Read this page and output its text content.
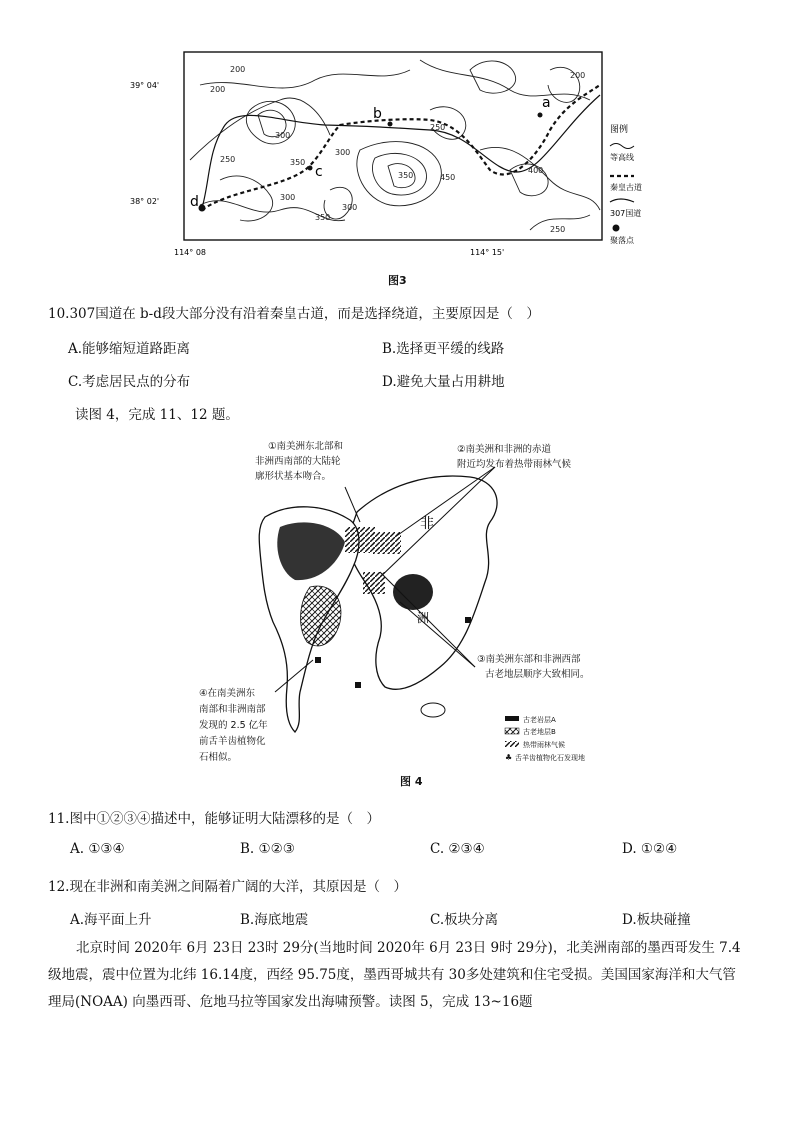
a
b
c
d
200
200
200
250
250
250
300
300
300
300
350
350
350
400
450
39° 04'
38° 02'
114° 08	114° 15'
图例
等高线
秦皇古道
307国道
聚落点
图3
10.307国道在 b-d段大部分没有沿着秦皇古道，而是选择绕道，主要原因是（　）
A.能够缩短道路距离	B.选择更平缓的线路
C.考虑居民点的分布	D.避免大量占用耕地
读图 4，完成 11、12 题。
非
洲
①南美洲东北部和
非洲西南部的大陆轮
廓形状基本吻合。
②南美洲和非洲的赤道
附近均发布着热带雨林气候
③南美洲东部和非洲西部
古老地层顺序大致相同。
④在南美洲东
南部和非洲南部
发现的 2.5 亿年
前舌羊齿植物化
石相似。
古老岩层A
古老地层B
热带雨林气候
♣ 舌羊齿植物化石发现地
图 4
11.图中①②③④描述中，能够证明大陆漂移的是（　）
A. ①③④	B. ①②③	C. ②③④	D. ①②④
12.现在非洲和南美洲之间隔着广阔的大洋，其原因是（　）
A.海平面上升	B.海底地震	C.板块分离	D.板块碰撞
北京时间 2020年 6月 23日 23时 29分(当地时间 2020年 6月 23日 9时 29分)，北美洲南部的墨西哥发生 7.4级地震，震中位置为北纬 16.14度，西经 95.75度，墨西哥城共有 30多处建筑和住宅受损。美国国家海洋和大气管理局(NOAA) 向墨西哥、危地马拉等国家发出海啸预警。读图 5，完成 13~16题
